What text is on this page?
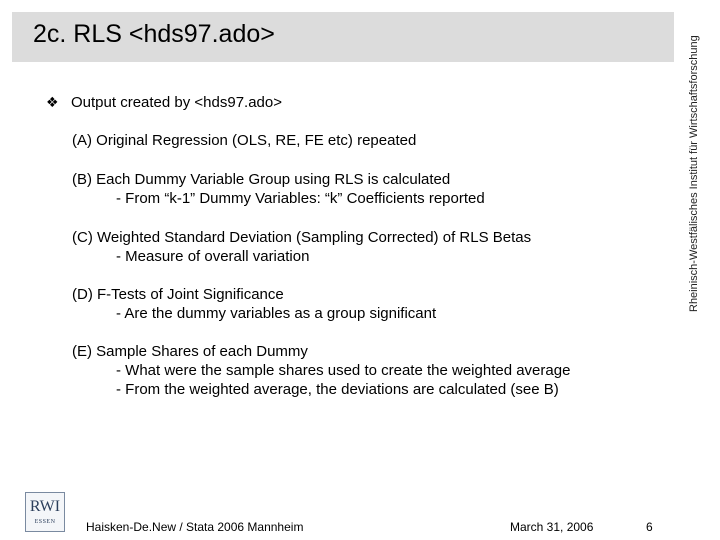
2c. RLS <hds97.ado>
Rheinisch-Westfälisches Institut für Wirtschaftsforschung
❖ Output created by <hds97.ado>
(A) Original Regression (OLS, RE, FE etc) repeated
(B) Each Dummy Variable Group using RLS is calculated
- From “k-1” Dummy Variables: “k” Coefficients reported
(C) Weighted Standard Deviation (Sampling Corrected) of RLS Betas
- Measure of overall variation
(D) F-Tests of Joint Significance
- Are the dummy variables as a group significant
(E) Sample Shares of each Dummy
- What were the sample shares used to create the weighted average
- From the weighted average, the deviations are calculated (see B)
RWI
ESSEN	Haisken-De.New / Stata 2006 Mannheim	March 31, 2006	6
